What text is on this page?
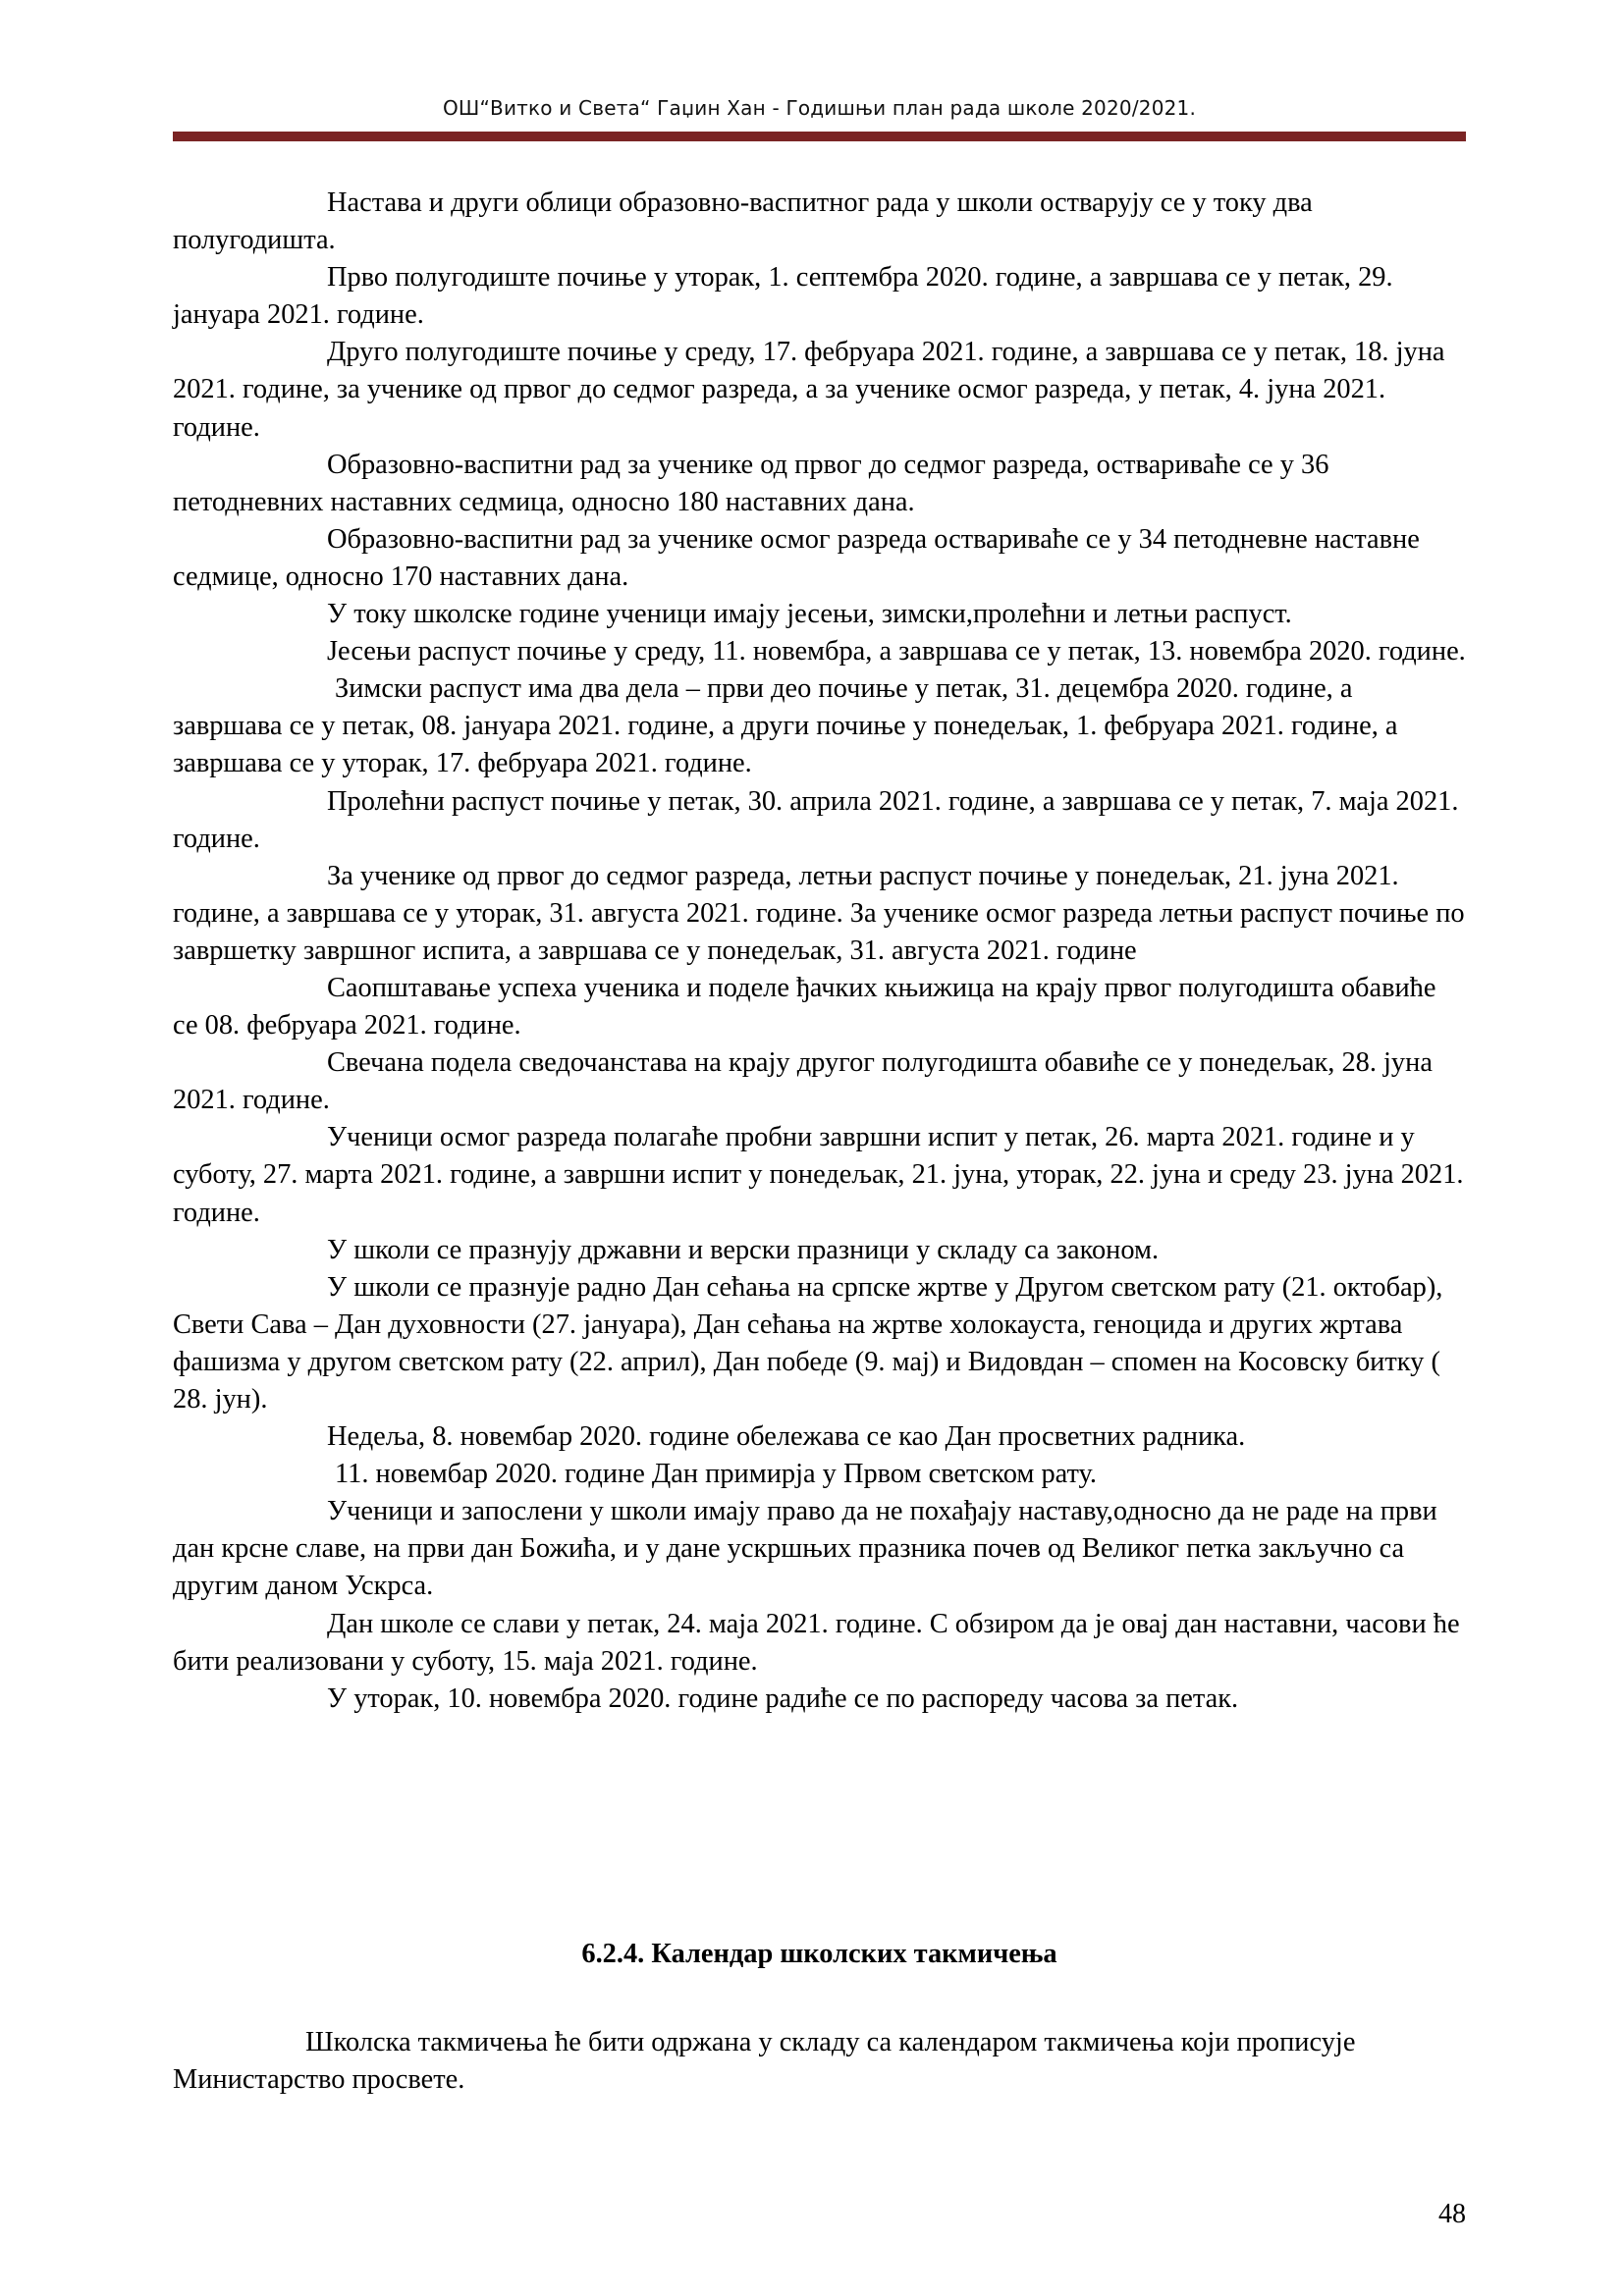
ОШ“Витко и Света“ Гаџин Хан - Годишњи план рада школе 2020/2021.

Настава и други облици образовно-васпитног рада у школи остварују се у току два полугодишта.

Прво полугодиште почиње у уторак, 1. септембра 2020. године, а завршава се у петак, 29. јануара 2021. године.

Друго полугодиште почиње у среду, 17. фебруара 2021. године, а завршава се у петак, 18. јуна 2021. године, за ученике од првог до седмог разреда, а за ученике осмог разреда, у петак, 4. јуна 2021. године.

Образовно-васпитни рад за ученике од првог до седмог разреда, оствариваће се у 36 петодневних наставних седмица, односно 180 наставних дана.

Образовно-васпитни рад за ученике осмог разреда оствариваће се у 34 петодневне наставне седмице, односно 170 наставних дана.

У току школске године ученици имају јесењи, зимски,пролећни и летњи распуст.

Јесењи распуст почиње у среду, 11. новембра, а завршава се у петак, 13. новембра 2020. године.

Зимски распуст има два дела – први део почиње у петак, 31. децембра 2020. године, а завршава се у петак, 08. јануара 2021. године, а други почиње у понедељак, 1. фебруара 2021. године, а завршава се у уторак, 17. фебруара 2021. године.

Пролећни распуст почиње у петак, 30. априла 2021. године, а завршава се у петак, 7. маја 2021. године.

За ученике од првог до седмог разреда, летњи распуст почиње у понедељак, 21. јуна 2021. године, а завршава се у уторак, 31. августа 2021. године. За ученике осмог разреда летњи распуст почиње по завршетку завршног испита, а завршава се у понедељак, 31. августа 2021. године

Саопштавање успеха ученика и поделе ђачких књижица на крају првог полугодишта обавиће се 08. фебруара 2021. године.

Свечана подела сведочанстава на крају другог полугодишта обавиће се у понедељак, 28. јуна 2021. године.

Ученици осмог разреда полагаће пробни завршни испит у петак, 26. марта 2021. године и у суботу, 27. марта 2021. године, а завршни испит у понедељак, 21. јуна, уторак, 22. јуна и среду 23. јуна 2021. године.

У школи се празнују државни и верски празници у складу са законом.

У школи се празнује радно Дан сећања на српске жртве у Другом светском рату (21. октобар), Свети Сава – Дан духовности (27. јануара), Дан сећања на жртве холокауста, геноцида и других жртава фашизма у другом светском рату (22. април), Дан победе (9. мај) и Видовдан – спомен на Косовску битку ( 28. јун).

Недеља, 8. новембар 2020. године обележава се као Дан просветних радника.

11. новембар 2020. године Дан примирја у Првом светском рату.

Ученици и запослени у школи имају право да не похађају наставу,односно да не раде на први дан крсне славе, на први дан Божића, и у дане ускршњих празника почев од Великог петка закључно са другим даном Ускрса.

Дан школе се слави у петак, 24. маја 2021. године. С обзиром да је овај дан наставни, часови ће бити реализовани у суботу, 15. маја 2021. године.

У уторак, 10. новембра 2020. године радиће се по распореду часова за петак.

6.2.4. Календар школских такмичења

Школска такмичења ће бити одржана у складу са календаром такмичења који прописује Министарство просвете.

48
